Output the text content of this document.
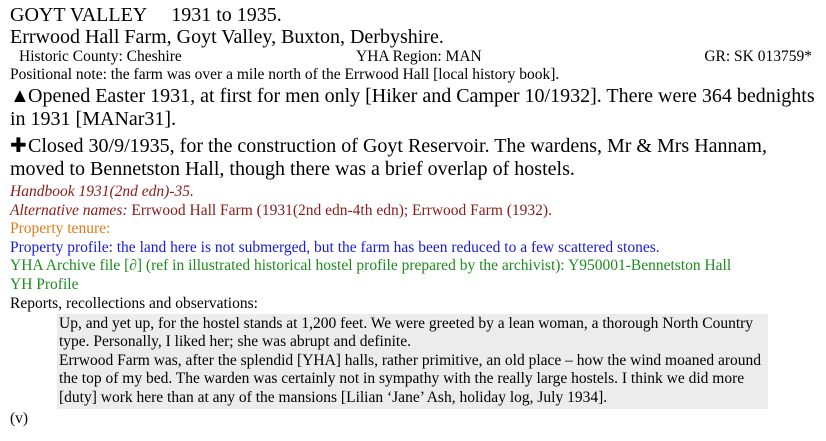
GOYT VALLEY 1931 to 1935.
Errwood Hall Farm, Goyt Valley, Buxton, Derbyshire.
Historic County: Cheshire	YHA Region: MAN	GR: SK 013759*
Positional note: the farm was over a mile north of the Errwood Hall [local history book].
▲Opened Easter 1931, at first for men only [Hiker and Camper 10/1932]. There were 364 bednights in 1931 [MANar31].
✚Closed 30/9/1935, for the construction of Goyt Reservoir. The wardens, Mr & Mrs Hannam, moved to Bennetston Hall, though there was a brief overlap of hostels.
Handbook 1931(2nd edn)-35.
Alternative names: Errwood Hall Farm (1931(2nd edn-4th edn); Errwood Farm (1932).
Property tenure:
Property profile: the land here is not submerged, but the farm has been reduced to a few scattered stones.
YHA Archive file [∂] (ref in illustrated historical hostel profile prepared by the archivist): Y950001-Bennetston Hall
YH Profile
Reports, recollections and observations:

Up, and yet up, for the hostel stands at 1,200 feet. We were greeted by a lean woman, a thorough North Country type. Personally, I liked her; she was abrupt and definite.

Errwood Farm was, after the splendid [YHA] halls, rather primitive, an old place – how the wind moaned around the top of my bed. The warden was certainly not in sympathy with the really large hostels. I think we did more [duty] work here than at any of the mansions [Lilian ‘Jane’ Ash, holiday log, July 1934].

(v)
